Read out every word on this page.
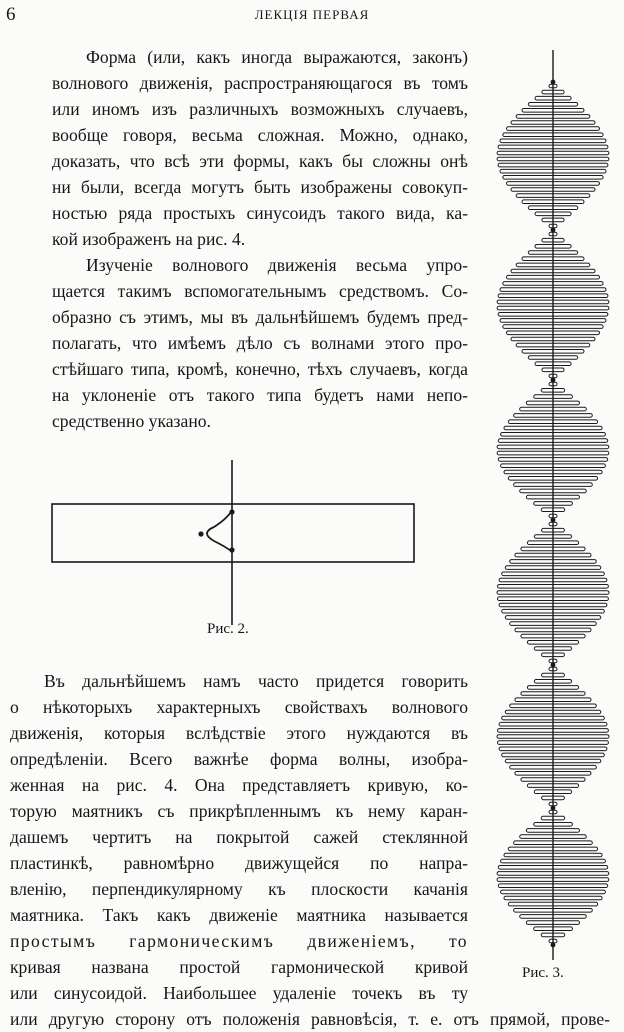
6	ЛЕКЦІЯ ПЕРВАЯ
Форма (или, какъ иногда выражаются, законъ)
волнового движенія, распространяющагося въ томъ
или иномъ изъ различныхъ возможныхъ случаевъ,
вообще говоря, весьма сложная. Можно, однако,
доказать, что всѣ эти формы, какъ бы сложны онѣ
ни были, всегда могутъ быть изображены совокуп-
ностью ряда простыхъ синусоидъ такого вида, ка-
кой изображенъ на рис. 4.
Изученіе волнового движенія весьма упро-
щается такимъ вспомогательнымъ средствомъ. Со-
образно съ этимъ, мы въ дальнѣйшемъ будемъ пред-
полагать, что имѣемъ дѣло съ волнами этого про-
стѣйшаго типа, кромѣ, конечно, тѣхъ случаевъ, когда
на уклоненіе отъ такого типа будетъ нами непо-
средственно указано.
Рис. 2.
Рис. 3.
Въ дальнѣйшемъ намъ часто придется говорить
о нѣкоторыхъ характерныхъ свойствахъ волнового
движенія, которыя вслѣдствіе этого нуждаются въ
опредѣленіи. Всего важнѣе форма волны, изобра-
женная на рис. 4. Она представляетъ кривую, ко-
торую маятникъ съ прикрѣпленнымъ къ нему каран-
дашемъ чертитъ на покрытой сажей стеклянной
пластинкѣ, равномѣрно движущейся по напра-
вленію, перпендикулярному къ плоскости качанія
маятника. Такъ какъ движеніе маятника называется
простымъ гармоническимъ движеніемъ, то
кривая названа простой гармонической кривой
или синусоидой. Наибольшее удаленіе точекъ въ ту
или другую сторону отъ положенія равновѣсія, т. е. отъ прямой, прове-
